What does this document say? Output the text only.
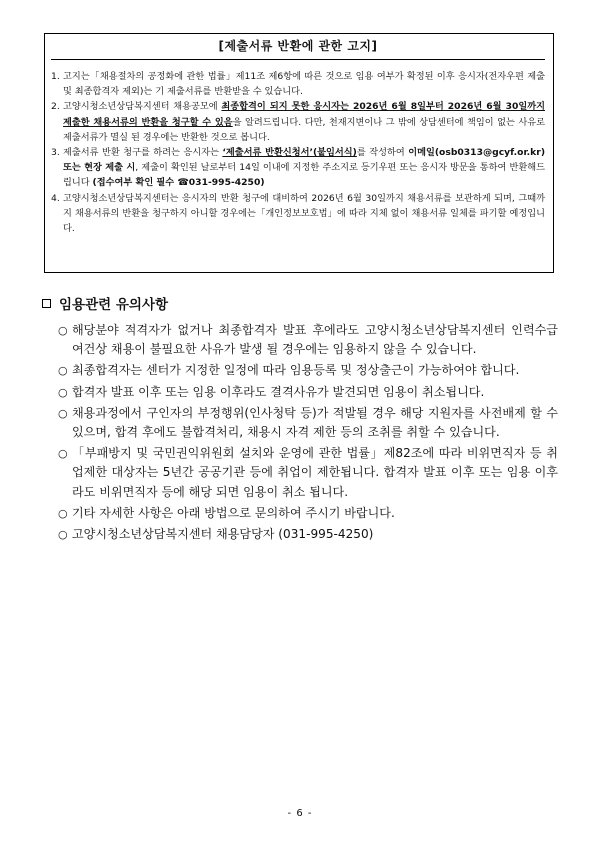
[제출서류 반환에 관한 고지]
1. 고지는「채용절차의 공정화에 관한 법률」제11조 제6항에 따른 것으로 임용 여부가 확정된 이후 응시자(전자우편 제출 및 최종합격자 제외)는 기 제출서류를 반환받을 수 있습니다.
2. 고양시청소년상담복지센터 채용공모에 최종합격이 되지 못한 응시자는 2026년 6월 8일부터 2026년 6월 30일까지 제출한 채용서류의 반환을 청구할 수 있음을 알려드립니다. 다만, 천재지변이나 그 밖에 상담센터에 책임이 없는 사유로 제출서류가 멸실 된 경우에는 반환한 것으로 봅니다.
3. 제출서류 반환 청구를 하려는 응시자는 ‘제출서류 반환신청서’(붙임서식)를 작성하여 이메일(osb0313@gcyf.or.kr) 또는 현장 제출 시, 제출이 확인된 날로부터 14일 이내에 지정한 주소지로 등기우편 또는 응시자 방문을 통하여 반환해드립니다 (접수여부 확인 필수 ☎031-995-4250)
4. 고양시청소년상담복지센터는 응시자의 반환 청구에 대비하여 2026년 6월 30일까지 채용서류를 보관하게 되며, 그때까지 채용서류의 반환을 청구하지 아니할 경우에는「개인정보보호법」에 따라 지체 없이 채용서류 일체를 파기할 예정입니다.
임용관련 유의사항
○ 해당분야 적격자가 없거나 최종합격자 발표 후에라도 고양시청소년상담복지센터 인력수급 여건상 채용이 불필요한 사유가 발생 될 경우에는 임용하지 않을 수 있습니다.
○ 최종합격자는 센터가 지정한 일정에 따라 임용등록 및 정상출근이 가능하여야 합니다.
○ 합격자 발표 이후 또는 임용 이후라도 결격사유가 발견되면 임용이 취소됩니다.
○ 채용과정에서 구인자의 부정행위(인사청탁 등)가 적발될 경우 해당 지원자를 사전배제 할 수 있으며, 합격 후에도 불합격처리, 채용시 자격 제한 등의 조취를 취할 수 있습니다.
○ 「부패방지 및 국민권익위원회 설치와 운영에 관한 법률」제82조에 따라 비위면직자 등 취업제한 대상자는 5년간 공공기관 등에 취업이 제한됩니다. 합격자 발표 이후 또는 임용 이후라도 비위면직자 등에 해당 되면 임용이 취소 됩니다.
○ 기타 자세한 사항은 아래 방법으로 문의하여 주시기 바랍니다.
○ 고양시청소년상담복지센터 채용담당자 (031-995-4250)
- 6 -
